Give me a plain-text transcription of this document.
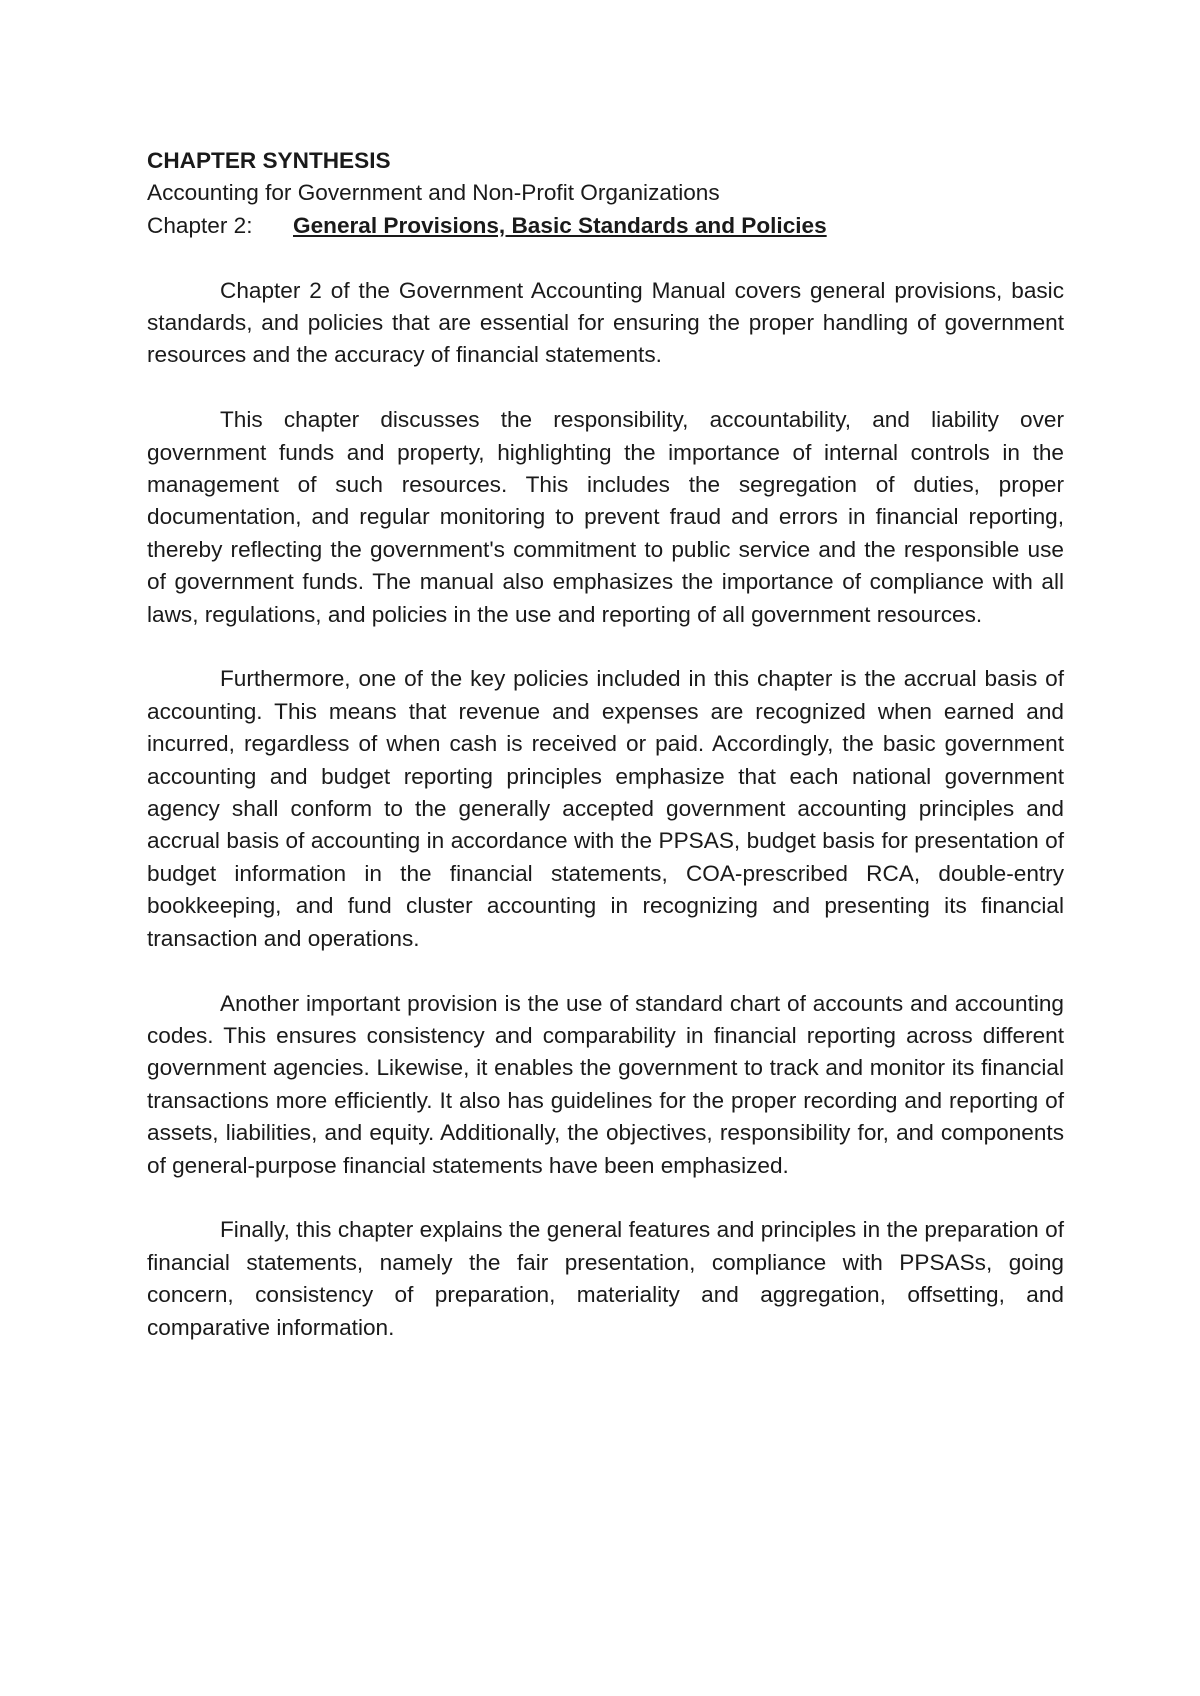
CHAPTER SYNTHESIS
Accounting for Government and Non-Profit Organizations
Chapter 2: General Provisions, Basic Standards and Policies

Chapter 2 of the Government Accounting Manual covers general provisions, basic standards, and policies that are essential for ensuring the proper handling of government resources and the accuracy of financial statements.

This chapter discusses the responsibility, accountability, and liability over government funds and property, highlighting the importance of internal controls in the management of such resources. This includes the segregation of duties, proper documentation, and regular monitoring to prevent fraud and errors in financial reporting, thereby reflecting the government's commitment to public service and the responsible use of government funds. The manual also emphasizes the importance of compliance with all laws, regulations, and policies in the use and reporting of all government resources.

Furthermore, one of the key policies included in this chapter is the accrual basis of accounting. This means that revenue and expenses are recognized when earned and incurred, regardless of when cash is received or paid. Accordingly, the basic government accounting and budget reporting principles emphasize that each national government agency shall conform to the generally accepted government accounting principles and accrual basis of accounting in accordance with the PPSAS, budget basis for presentation of budget information in the financial statements, COA-prescribed RCA, double-entry bookkeeping, and fund cluster accounting in recognizing and presenting its financial transaction and operations.

Another important provision is the use of standard chart of accounts and accounting codes. This ensures consistency and comparability in financial reporting across different government agencies. Likewise, it enables the government to track and monitor its financial transactions more efficiently. It also has guidelines for the proper recording and reporting of assets, liabilities, and equity. Additionally, the objectives, responsibility for, and components of general-purpose financial statements have been emphasized.

Finally, this chapter explains the general features and principles in the preparation of financial statements, namely the fair presentation, compliance with PPSASs, going concern, consistency of preparation, materiality and aggregation, offsetting, and comparative information.
